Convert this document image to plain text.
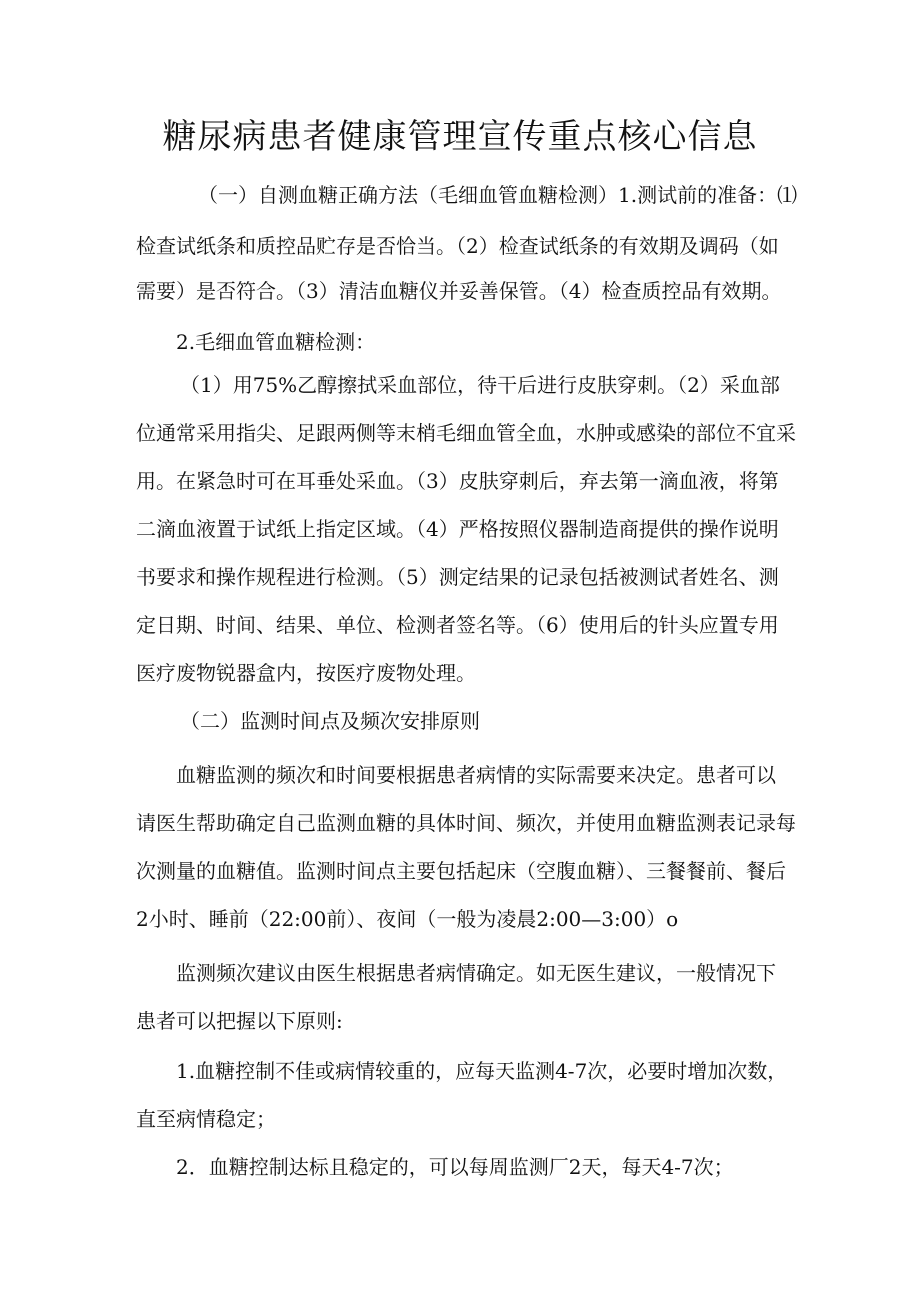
糖尿病患者健康管理宣传重点核心信息
（一）自测血糖正确方法（毛细血管血糖检测）1.测试前的准备：⑴
检查试纸条和质控品贮存是否恰当。（2）检查试纸条的有效期及调码（如
需要）是否符合。（3）清洁血糖仪并妥善保管。（4）检查质控品有效期。
2.毛细血管血糖检测：
（1）用75%乙醇擦拭采血部位，待干后进行皮肤穿刺。（2）采血部
位通常采用指尖、足跟两侧等末梢毛细血管全血，水肿或感染的部位不宜采
用。在紧急时可在耳垂处采血。（3）皮肤穿刺后，弃去第一滴血液，将第
二滴血液置于试纸上指定区域。（4）严格按照仪器制造商提供的操作说明
书要求和操作规程进行检测。（5）测定结果的记录包括被测试者姓名、测
定日期、时间、结果、单位、检测者签名等。（6）使用后的针头应置专用
医疗废物锐器盒内，按医疗废物处理。
（二）监测时间点及频次安排原则
血糖监测的频次和时间要根据患者病情的实际需要来决定。患者可以
请医生帮助确定自己监测血糖的具体时间、频次，并使用血糖监测表记录每
次测量的血糖值。监测时间点主要包括起床（空腹血糖）、三餐餐前、餐后
2小时、睡前（22:00前）、夜间（一般为凌晨2:00—3:00）o
监测频次建议由医生根据患者病情确定。如无医生建议，一般情况下
患者可以把握以下原则:
1.血糖控制不佳或病情较重的，应每天监测4-7次，必要时增加次数，
直至病情稳定；
2．血糖控制达标且稳定的，可以每周监测厂2天，每天4-7次；
